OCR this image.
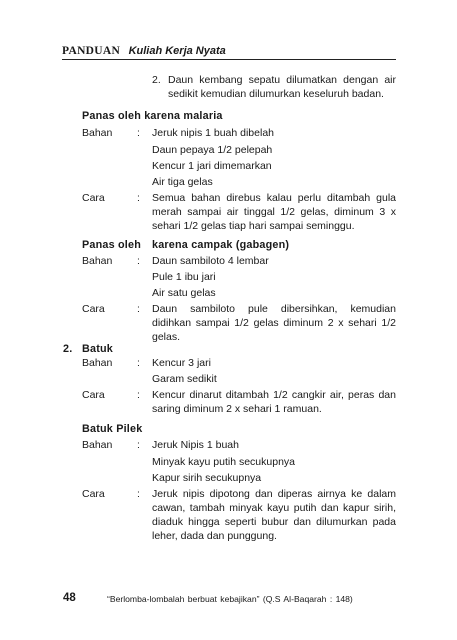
PANDUAN Kuliah Kerja Nyata
2. Daun kembang sepatu dilumatkan dengan air sedikit kemudian dilumurkan keseluruh badan.
Panas oleh karena malaria
Bahan : Jeruk nipis 1 buah dibelah
Daun pepaya 1/2 pelepah
Kencur 1 jari dimemarkan
Air tiga gelas
Cara	: Semua bahan direbus kalau perlu ditambah gula merah sampai air tinggal 1/2 gelas, diminum 3 x sehari 1/2 gelas tiap hari sampai seminggu.
Panas oleh karena campak (gabagen)
Bahan : Daun sambiloto 4 lembar
Pule 1 ibu jari
Air satu gelas
Cara	: Daun sambiloto pule dibersihkan, kemudian didihkan sampai 1/2 gelas diminum 2 x sehari 1/2 gelas.
2. Batuk
Bahan : Kencur 3 jari
Garam sedikit
Cara	: Kencur dinarut ditambah 1/2 cangkir air, peras dan saring diminum 2 x sehari 1 ramuan.
Batuk Pilek
Bahan : Jeruk Nipis 1 buah
Minyak kayu putih secukupnya
Kapur sirih secukupnya
Cara	: Jeruk nipis dipotong dan diperas airnya ke dalam cawan, tambah minyak kayu putih dan kapur sirih, diaduk hingga seperti bubur dan dilumurkan pada leher, dada dan punggung.
48	“Berlomba-lombalah berbuat kebajikan” (Q.S Al-Baqarah : 148)
